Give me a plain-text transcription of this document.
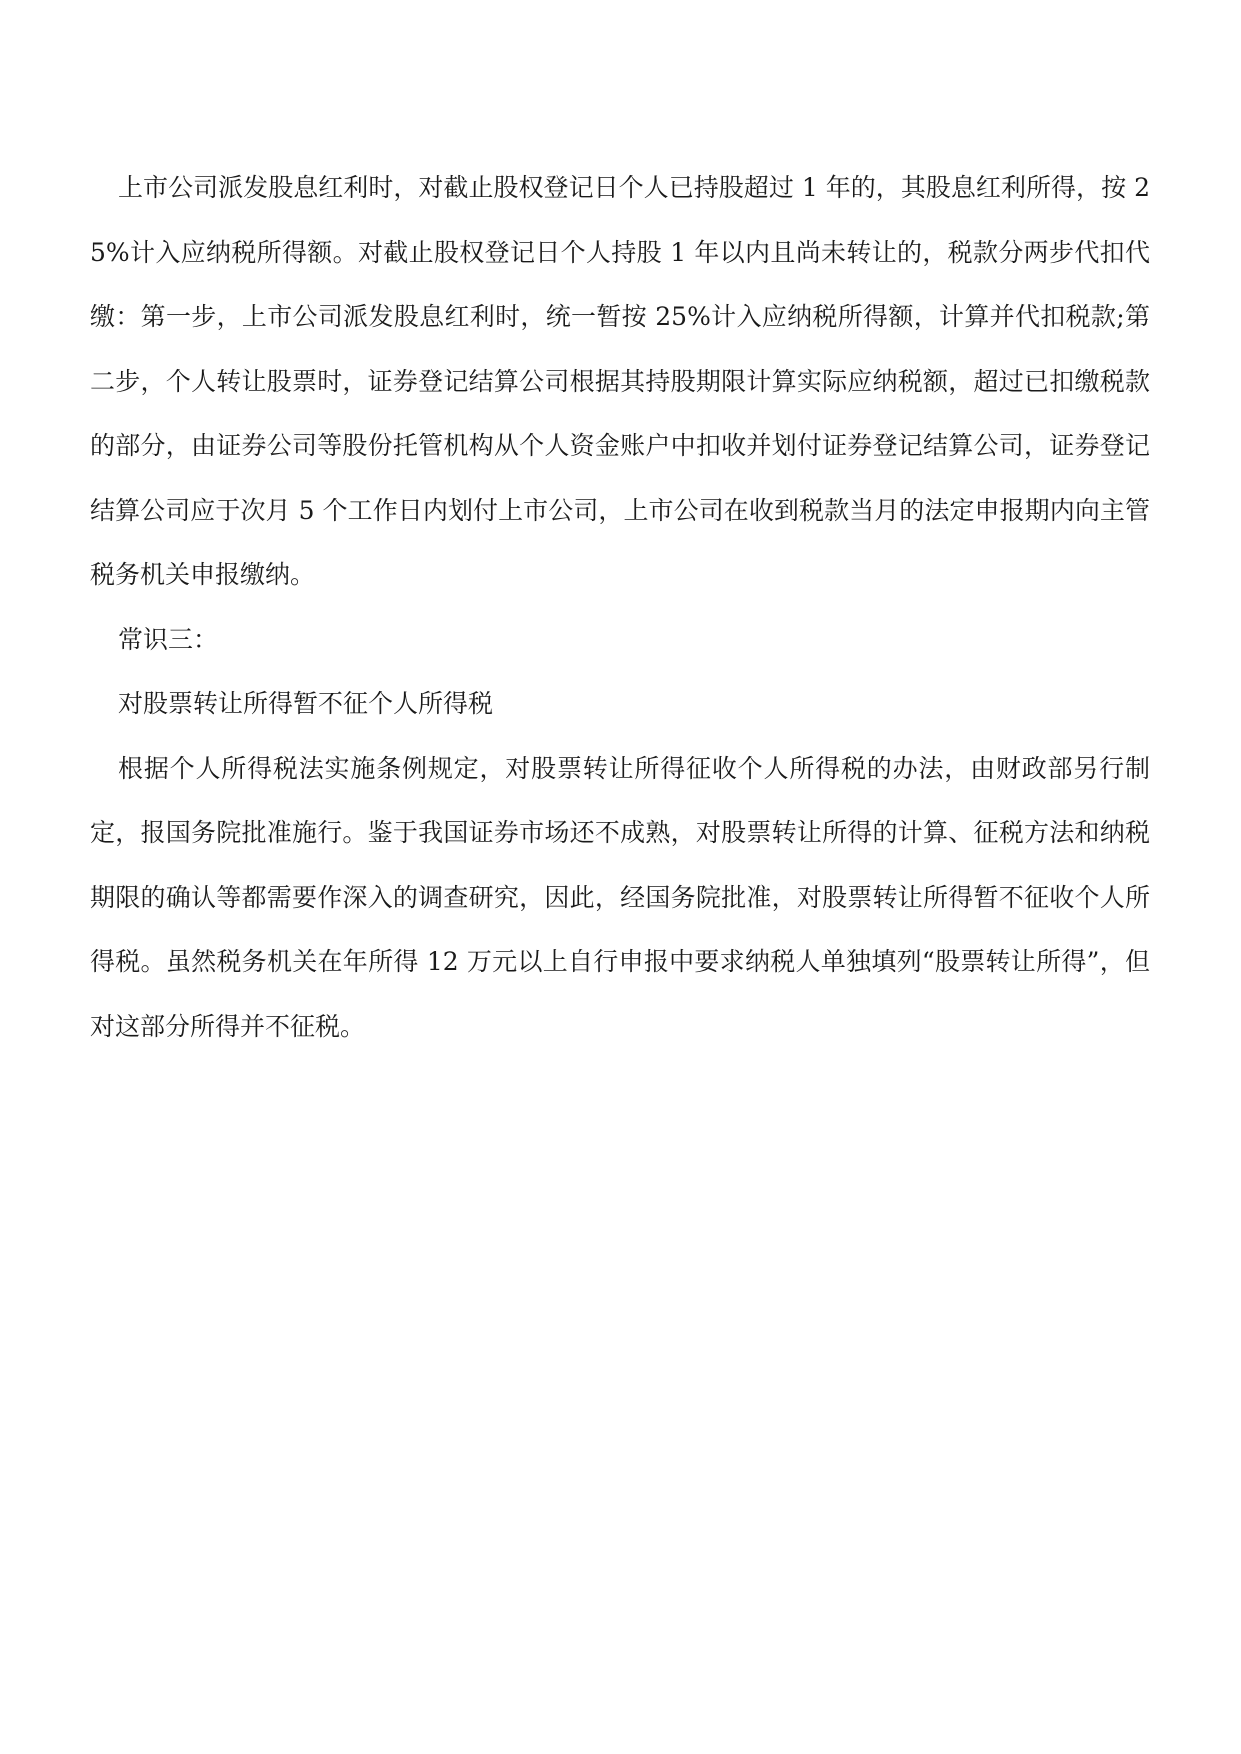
上市公司派发股息红利时，对截止股权登记日个人已持股超过 1 年的，其股息红利所得，按 25%计入应纳税所得额。对截止股权登记日个人持股 1 年以内且尚未转让的，税款分两步代扣代缴：第一步，上市公司派发股息红利时，统一暂按 25%计入应纳税所得额，计算并代扣税款;第二步，个人转让股票时，证券登记结算公司根据其持股期限计算实际应纳税额，超过已扣缴税款的部分，由证券公司等股份托管机构从个人资金账户中扣收并划付证券登记结算公司，证券登记结算公司应于次月 5 个工作日内划付上市公司，上市公司在收到税款当月的法定申报期内向主管税务机关申报缴纳。

常识三：

对股票转让所得暂不征个人所得税

根据个人所得税法实施条例规定，对股票转让所得征收个人所得税的办法，由财政部另行制定，报国务院批准施行。鉴于我国证券市场还不成熟，对股票转让所得的计算、征税方法和纳税期限的确认等都需要作深入的调查研究，因此，经国务院批准，对股票转让所得暂不征收个人所得税。虽然税务机关在年所得 12 万元以上自行申报中要求纳税人单独填列“股票转让所得”，但对这部分所得并不征税。
